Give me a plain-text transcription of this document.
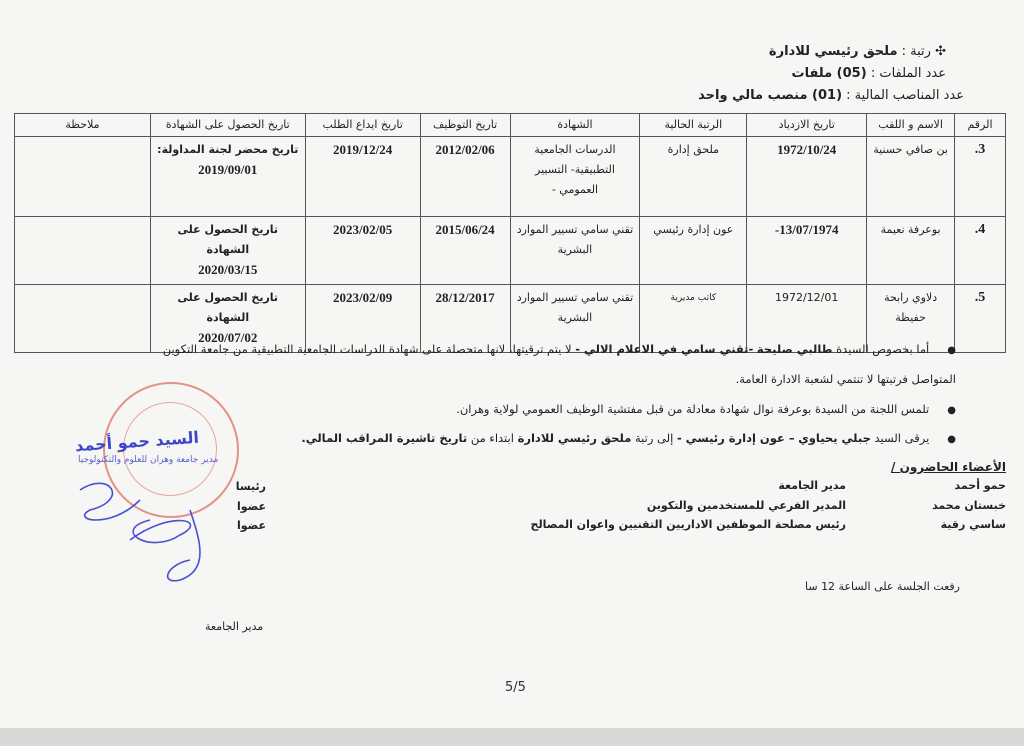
✣ رتبة : ملحق رئيسي للادارة
عدد الملفات : (05) ملفات
عدد المناصب المالية : (01) منصب مالي واحد
الرقم	الاسم و اللقب	تاريخ الازدياد	الرتبة الحالية	الشهادة	تاريخ التوظيف	تاريخ ايداع الطلب	تاريخ الحصول على الشهادة	ملاحظة
3.	بن صافي حسنية	1972/10/24	ملحق إدارة	الدرسات الجامعية التطبيقية- التسيير العمومي -	2012/02/06	2019/12/24	تاريخ محضر لجنة المداولة:
2019/09/01	
4.	بوعرفة نعيمة	13/07/1974-	عون إدارة رئيسي	تقني سامي تسيير الموارد البشرية	2015/06/24	2023/02/05	تاريخ الحصول على الشهادة
2020/03/15	
5.	دلاوي رابحة حفيظة	1972/12/01	كاتب مديرية	تقني سامي تسيير الموارد البشرية	28/12/2017	2023/02/09	تاريخ الحصول على الشهادة
2020/07/02	
●أما بخصوص السيدة طالبي صليحة -تقني سامي في الاعلام الالي - لا يتم ترقيتها، لانها متحصلة على شهادة الدراسات الجامعية التطبيقية من جامعة التكوين
المتواصل فرتبتها لا تنتمي لشعبة الادارة العامة.
●تلمس اللجنة من السيدة بوعرفة نوال شهادة معادلة من قبل مفتشية الوظيف العمومي لولاية وهران.
●يرقى السيد جبلي يحياوي – عون إدارة رئيسي - إلى رتبة ملحق رئيسي للادارة ابتداء من تاريخ تاشيرة المراقب المالي.
الأعضاء الحاضرون /
حمو أحمد
مدير الجامعة
رئيسا
خبستان محمد
المدير الفرعي للمستخدمين والتكوين
عضوا
ساسي رقية
رئيس مصلحة الموظفين الاداريين التقنيين واعوان المصالح
عضوا
رفعت الجلسة على الساعة 12 سا
مدير الجامعة
السيد حمو أحمد
مدير جامعة وهران للعلوم والتكنولوجيا
5/5
